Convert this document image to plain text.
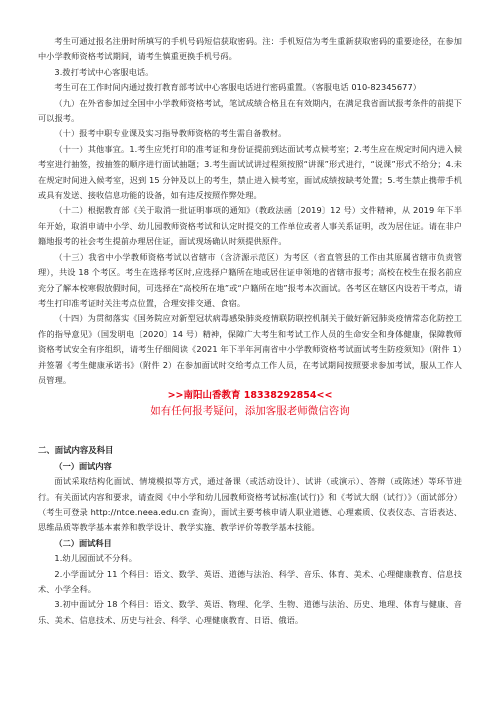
考生可通过报名注册时所填写的手机号码短信获取密码。注：手机短信为考生重新获取密码的重要途径，在参加中小学教师资格考试期间，请考生慎重更换手机号码。

3.拨打考试中心客服电话。

考生可在工作时间内通过拨打教育部考试中心客服电话进行密码重置。（客服电话 010-82345677）

（九）在外省参加过全国中小学教师资格考试，笔试成绩合格且在有效期内，在满足我省面试报考条件的前提下可以报考。

（十）报考中职专业课及实习指导教师资格的考生需自备教材。

（十一）其他事宜。1.考生应凭打印的准考证和身份证提前到达面试考点候考室；2.考生应在规定时间内进入候考室进行抽签，按抽签的顺序进行面试抽题；3.考生面试试讲过程须按照“讲课”形式进行，“说课”形式不给分；4.未在规定时间进入候考室，迟到 15 分钟及以上的考生，禁止进入候考室，面试成绩按缺考处置；5.考生禁止携带手机或具有发送、接收信息功能的设备，如有违反按照作弊处理。

（十二）根据教育部《关于取消一批证明事项的通知》（教政法函〔2019〕12 号）文件精神，从 2019 年下半年开始，取消申请中小学、幼儿园教师资格考试和认定时提交的工作单位或者人事关系证明，改为居住证。请在非户籍地报考的社会考生提前办理居住证，面试现场确认时须提供原件。

（十三）我省中小学教师资格考试以省辖市（含济源示范区）为考区（省直管县的工作由其原属省辖市负责管理），共设 18 个考区。考生在选择考区时,应选择户籍所在地或居住证申领地的省辖市报考；高校在校生在报名前应充分了解本校寒假放假时间，可选择在“高校所在地”或“户籍所在地”报考本次面试。各考区在辖区内设若干考点，请考生打印准考证时关注考点位置，合理安排交通、食宿。

（十四）为贯彻落实《国务院应对新型冠状病毒感染肺炎疫情联防联控机制关于做好新冠肺炎疫情常态化防控工作的指导意见》（国发明电〔2020〕14 号）精神，保障广大考生和考试工作人员的生命安全和身体健康，保障教师资格考试安全有序组织，请考生仔细阅读《2021 年下半年河南省中小学教师资格考试面试考生防疫须知》（附件 1）并签署《考生健康承诺书》（附件 2）在参加面试时交给考点工作人员，在考试期间按照要求参加考试，服从工作人员管理。

>>南阳山香教育 18338292854<<
如有任何报考疑问，添加客服老师微信咨询
二、面试内容及科目
（一）面试内容

面试采取结构化面试、情境模拟等方式，通过备课（或活动设计）、试讲（或演示）、答辩（或陈述）等环节进行。有关面试内容和要求，请查阅《中小学和幼儿园教师资格考试标准(试行)》和《考试大纲（试行）》（面试部分）（考生可登录 http://ntce.neea.edu.cn 查询），面试主要考核申请人职业道德、心理素质、仪表仪态、言语表达、思维品质等教学基本素养和教学设计、教学实施、教学评价等教学基本技能。

（二）面试科目

1.幼儿园面试不分科。

2.小学面试分 11 个科目：语文、数学、英语、道德与法治、科学、音乐、体育、美术、心理健康教育、信息技术、小学全科。

3.初中面试分 18 个科目：语文、数学、英语、物理、化学、生物、道德与法治、历史、地理、体育与健康、音乐、美术、信息技术、历史与社会、科学、心理健康教育、日语、俄语。
